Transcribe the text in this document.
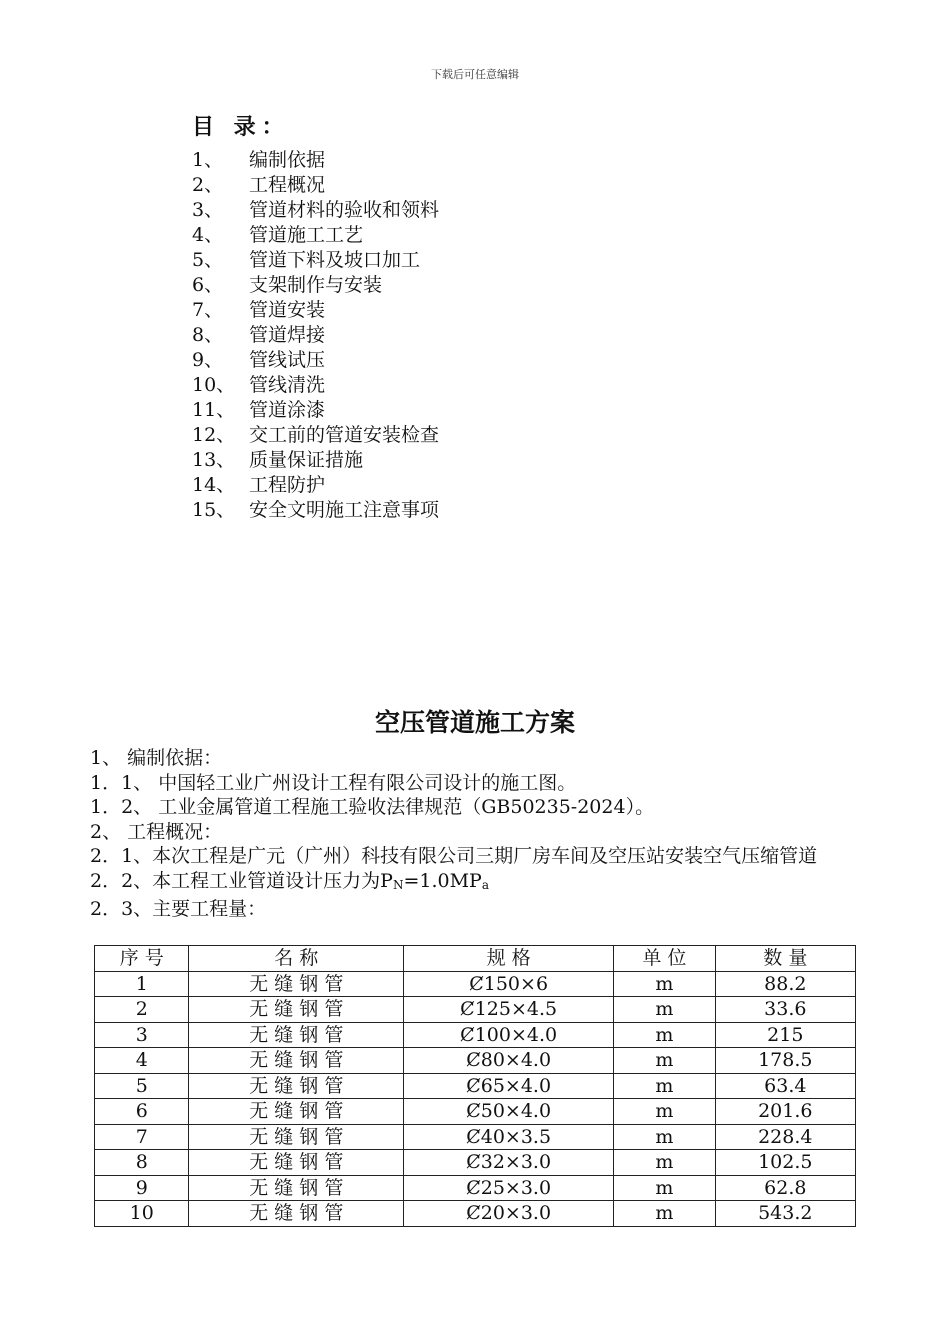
下载后可任意编辑
目 录：
1、 编制依据
2、 工程概况
3、 管道材料的验收和领料
4、 管道施工工艺
5、 管道下料及坡口加工
6、 支架制作与安装
7、 管道安装
8、 管道焊接
9、 管线试压
10、 管线清洗
11、 管道涂漆
12、 交工前的管道安装检查
13、 质量保证措施
14、 工程防护
15、 安全文明施工注意事项
空压管道施工方案
1、 编制依据：
1．1、 中国轻工业广州设计工程有限公司设计的施工图。
1．2、 工业金属管道工程施工验收法律规范（GB50235-2024）。
2、 工程概况：
2．1、本次工程是广元（广州）科技有限公司三期厂房车间及空压站安装空气压缩管道
2．2、本工程工业管道设计压力为$P_N=1.0MP_a$
2．3、主要工程量：
序 号	名 称	规 格	单 位	数 量
1	无 缝 钢 管	Ȼ150×6	m	88.2
2	无 缝 钢 管	Ȼ125×4.5	m	33.6
3	无 缝 钢 管	Ȼ100×4.0	m	215
4	无 缝 钢 管	Ȼ80×4.0	m	178.5
5	无 缝 钢 管	Ȼ65×4.0	m	63.4
6	无 缝 钢 管	Ȼ50×4.0	m	201.6
7	无 缝 钢 管	Ȼ40×3.5	m	228.4
8	无 缝 钢 管	Ȼ32×3.0	m	102.5
9	无 缝 钢 管	Ȼ25×3.0	m	62.8
10	无 缝 钢 管	Ȼ20×3.0	m	543.2
